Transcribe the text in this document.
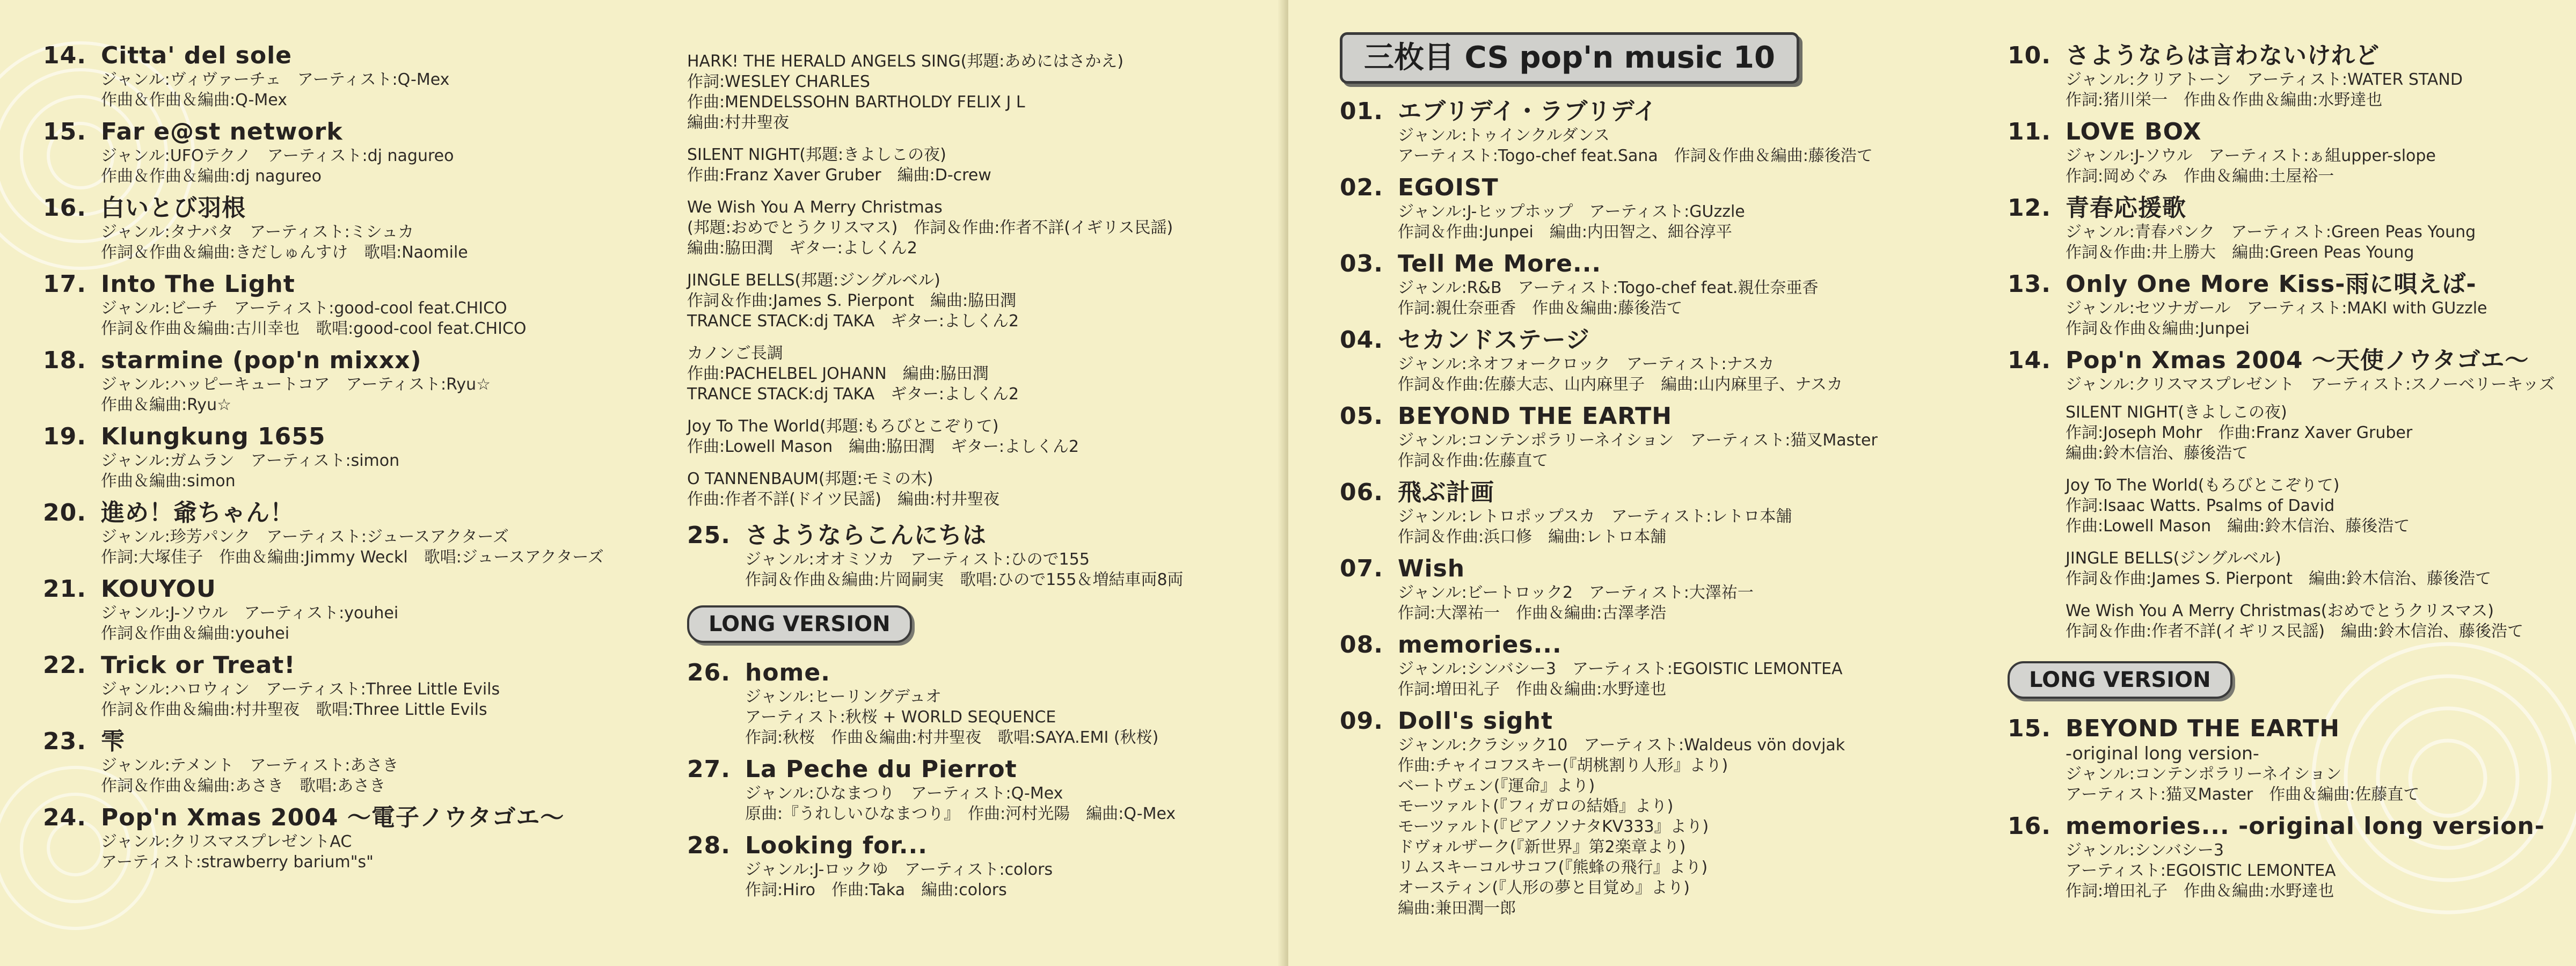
14. Citta' del sole
ジャンル:ヴィヴァーチェ　アーティスト:Q-Mex
作曲＆作曲＆編曲:Q-Mex
15. Far e@st network
ジャンル:UFOテクノ　アーティスト:dj nagureo
作曲＆作曲＆編曲:dj nagureo
16. 白いとび羽根
ジャンル:タナバタ　アーティスト:ミシュカ
作詞＆作曲＆編曲:きだしゅんすけ　歌唱:Naomile
17. Into The Light
ジャンル:ビーチ　アーティスト:good-cool feat.CHICO
作詞＆作曲＆編曲:古川幸也　歌唱:good-cool feat.CHICO
18. starmine (pop'n mixxx)
ジャンル:ハッピーキュートコア　アーティスト:Ryu☆
作曲＆編曲:Ryu☆
19. Klungkung 1655
ジャンル:ガムラン　アーティスト:simon
作曲＆編曲:simon
20. 進め！爺ちゃん！
ジャンル:珍芳パンク　アーティスト:ジュースアクターズ
作詞:大塚佳子　作曲＆編曲:Jimmy Weckl　歌唱:ジュースアクターズ
21. KOUYOU
ジャンル:J-ソウル　アーティスト:youhei
作詞＆作曲＆編曲:youhei
22. Trick or Treat!
ジャンル:ハロウィン　アーティスト:Three Little Evils
作詞＆作曲＆編曲:村井聖夜　歌唱:Three Little Evils
23. 雫
ジャンル:テメント　アーティスト:あさき
作詞＆作曲＆編曲:あさき　歌唱:あさき
24. Pop'n Xmas 2004 ～電子ノウタゴエ～
ジャンル:クリスマスプレゼントAC
アーティスト:strawberry barium"s"
HARK! THE HERALD ANGELS SING(邦題:あめにはさかえ)
作詞:WESLEY CHARLES
作曲:MENDELSSOHN BARTHOLDY FELIX J L
編曲:村井聖夜
SILENT NIGHT(邦題:きよしこの夜)
作曲:Franz Xaver Gruber　編曲:D-crew
We Wish You A Merry Christmas
(邦題:おめでとうクリスマス)　作詞＆作曲:作者不詳(イギリス民謡)
編曲:脇田潤　ギター:よしくん2
JINGLE BELLS(邦題:ジングルベル)
作詞＆作曲:James S. Pierpont　編曲:脇田潤
TRANCE STACK:dj TAKA　ギター:よしくん2
カノンご長調
作曲:PACHELBEL JOHANN　編曲:脇田潤
TRANCE STACK:dj TAKA　ギター:よしくん2
Joy To The World(邦題:もろびとこぞりて)
作曲:Lowell Mason　編曲:脇田潤　ギター:よしくん2
O TANNENBAUM(邦題:モミの木)
作曲:作者不詳(ドイツ民謡)　編曲:村井聖夜
25. さようならこんにちは
ジャンル:オオミソカ　アーティスト:ひので155
作詞＆作曲＆編曲:片岡嗣実　歌唱:ひので155＆増結車両8両
LONG VERSION
26. home.
ジャンル:ヒーリングデュオ
アーティスト:秋桜 + WORLD SEQUENCE
作詞:秋桜　作曲＆編曲:村井聖夜　歌唱:SAYA.EMI (秋桜)
27. La Peche du Pierrot
ジャンル:ひなまつり　アーティスト:Q-Mex
原曲:『うれしいひなまつり』　作曲:河村光陽　編曲:Q-Mex
28. Looking for...
ジャンル:J-ロックゆ　アーティスト:colors
作詞:Hiro　作曲:Taka　編曲:colors
三枚目 CS pop'n music 10
01. エブリデイ・ラブリデイ
ジャンル:トゥインクルダンス
アーティスト:Togo-chef feat.Sana　作詞＆作曲＆編曲:藤後浩て
02. EGOIST
ジャンル:J-ヒップホップ　アーティスト:GUzzle
作詞＆作曲:Junpei　編曲:内田智之、細谷淳平
03. Tell Me More...
ジャンル:R&B　アーティスト:Togo-chef feat.親仕奈亜香
作詞:親仕奈亜香　作曲＆編曲:藤後浩て
04. セカンドステージ
ジャンル:ネオフォークロック　アーティスト:ナスカ
作詞＆作曲:佐藤大志、山内麻里子　編曲:山内麻里子、ナスカ
05. BEYOND THE EARTH
ジャンル:コンテンポラリーネイション　アーティスト:猫叉Master
作詞＆作曲:佐藤直て
06. 飛ぶ計画
ジャンル:レトロポップスカ　アーティスト:レトロ本舗
作詞＆作曲:浜口修　編曲:レトロ本舗
07. Wish
ジャンル:ビートロック2　アーティスト:大澤祐一
作詞:大澤祐一　作曲＆編曲:古澤孝浩
08. memories...
ジャンル:シンバシー3　アーティスト:EGOISTIC LEMONTEA
作詞:増田礼子　作曲＆編曲:水野達也
09. Doll's sight
ジャンル:クラシック10　アーティスト:Waldeus vön dovjak
作曲:チャイコフスキー(『胡桃割り人形』より)
ベートヴェン(『運命』より)
モーツァルト(『フィガロの結婚』より)
モーツァルト(『ピアノソナタKV333』より)
ドヴォルザーク(『新世界』第2楽章より)
リムスキーコルサコフ(『熊蜂の飛行』より)
オースティン(『人形の夢と目覚め』より)
編曲:兼田潤一郎
10. さようならは言わないけれど
ジャンル:クリアトーン　アーティスト:WATER STAND
作詞:猪川栄一　作曲＆作曲＆編曲:水野達也
11. LOVE BOX
ジャンル:J-ソウル　アーティスト:ぁ組upper-slope
作詞:岡めぐみ　作曲＆編曲:土屋裕一
12. 青春応援歌
ジャンル:青春パンク　アーティスト:Green Peas Young
作詞＆作曲:井上勝大　編曲:Green Peas Young
13. Only One More Kiss-雨に唄えば-
ジャンル:セツナガール　アーティスト:MAKI with GUzzle
作詞＆作曲＆編曲:Junpei
14. Pop'n Xmas 2004 ～天使ノウタゴエ～
ジャンル:クリスマスプレゼント　アーティスト:スノーベリーキッズ
SILENT NIGHT(きよしこの夜)
作詞:Joseph Mohr　作曲:Franz Xaver Gruber
編曲:鈴木信治、藤後浩て
Joy To The World(もろびとこぞりて)
作詞:Isaac Watts. Psalms of David
作曲:Lowell Mason　編曲:鈴木信治、藤後浩て
JINGLE BELLS(ジングルベル)
作詞＆作曲:James S. Pierpont　編曲:鈴木信治、藤後浩て
We Wish You A Merry Christmas(おめでとうクリスマス)
作詞＆作曲:作者不詳(イギリス民謡)　編曲:鈴木信治、藤後浩て
LONG VERSION
15. BEYOND THE EARTH
-original long version-
ジャンル:コンテンポラリーネイション
アーティスト:猫叉Master　作曲＆編曲:佐藤直て
16. memories... -original long version-
ジャンル:シンバシー3
アーティスト:EGOISTIC LEMONTEA
作詞:増田礼子　作曲＆編曲:水野達也
